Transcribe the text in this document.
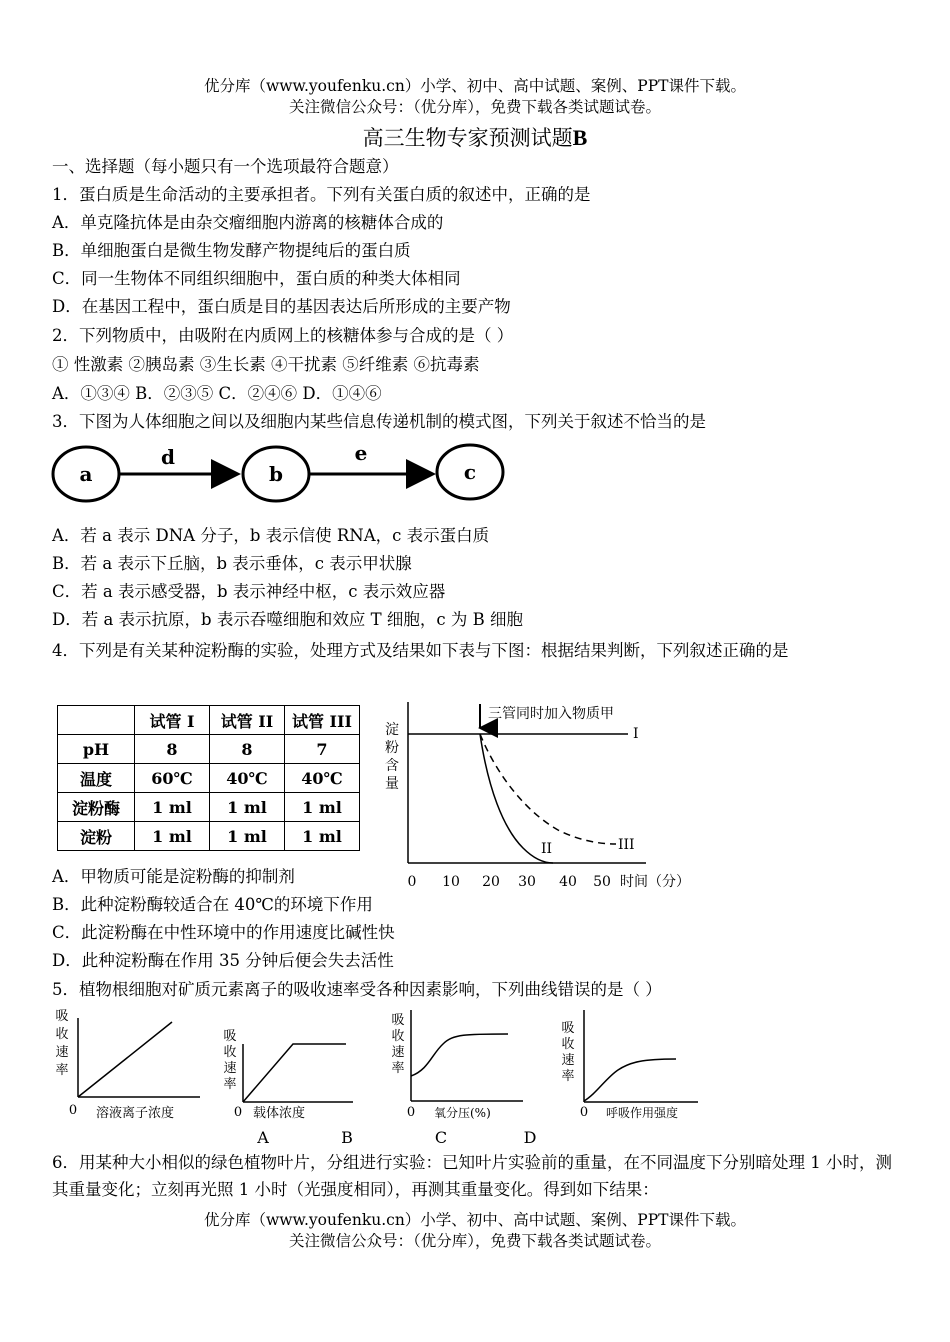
优分库（www.youfenku.cn）小学、初中、高中试题、案例、PPT课件下载。
关注微信公众号：（优分库），免费下载各类试题试卷。
高三生物专家预测试题B
一、选择题（每小题只有一个选项最符合题意）
1．蛋白质是生命活动的主要承担者。下列有关蛋白质的叙述中，正确的是
A．单克隆抗体是由杂交瘤细胞内游离的核糖体合成的
B．单细胞蛋白是微生物发酵产物提纯后的蛋白质
C．同一生物体不同组织细胞中，蛋白质的种类大体相同
D．在基因工程中，蛋白质是目的基因表达后所形成的主要产物
2．下列物质中，由吸附在内质网上的核糖体参与合成的是（ ）
① 性激素 ②胰岛素 ③生长素 ④干扰素 ⑤纤维素 ⑥抗毒素
A．①③④ B．②③⑤ C．②④⑥ D．①④⑥
3．下图为人体细胞之间以及细胞内某些信息传递机制的模式图，下列关于叙述不恰当的是
a
d
b
e
c
A．若 a 表示 DNA 分子，b 表示信使 RNA，c 表示蛋白质
B．若 a 表示下丘脑，b 表示垂体，c 表示甲状腺
C．若 a 表示感受器，b 表示神经中枢，c 表示效应器
D．若 a 表示抗原，b 表示吞噬细胞和效应 T 细胞，c 为 B 细胞
4．下列是有关某种淀粉酶的实验，处理方式及结果如下表与下图：根据结果判断，下列叙述正确的是
	试管 I	试管 II	试管 III
pH	8	8	7
温度	60℃	40℃	40℃
淀粉酶	1 ml	1 ml	1 ml
淀粉	1 ml	1 ml	1 ml
淀
粉
含
量
0 10 20 30 40 50 时间（分）
三管同时加入物质甲
I
II	III
A．甲物质可能是淀粉酶的抑制剂
B．此种淀粉酶较适合在 40℃的环境下作用
C．此淀粉酶在中性环境中的作用速度比碱性快
D．此种淀粉酶在作用 35 分钟后便会失去活性
5．植物根细胞对矿质元素离子的吸收速率受各种因素影响，下列曲线错误的是（ ）
吸
收
速
率
0 溶液离子浓度
A
吸
收
速
率
0 载体浓度
B
吸
收
速
率
0 氧分压(%)
C
吸
收
速
率
0 呼吸作用强度
D
6．用某种大小相似的绿色植物叶片，分组进行实验：已知叶片实验前的重量，在不同温度下分别暗处理 1 小时，测其重量变化；立刻再光照 1 小时（光强度相同），再测其重量变化。得到如下结果：
优分库（www.youfenku.cn）小学、初中、高中试题、案例、PPT课件下载。
关注微信公众号：（优分库），免费下载各类试题试卷。
